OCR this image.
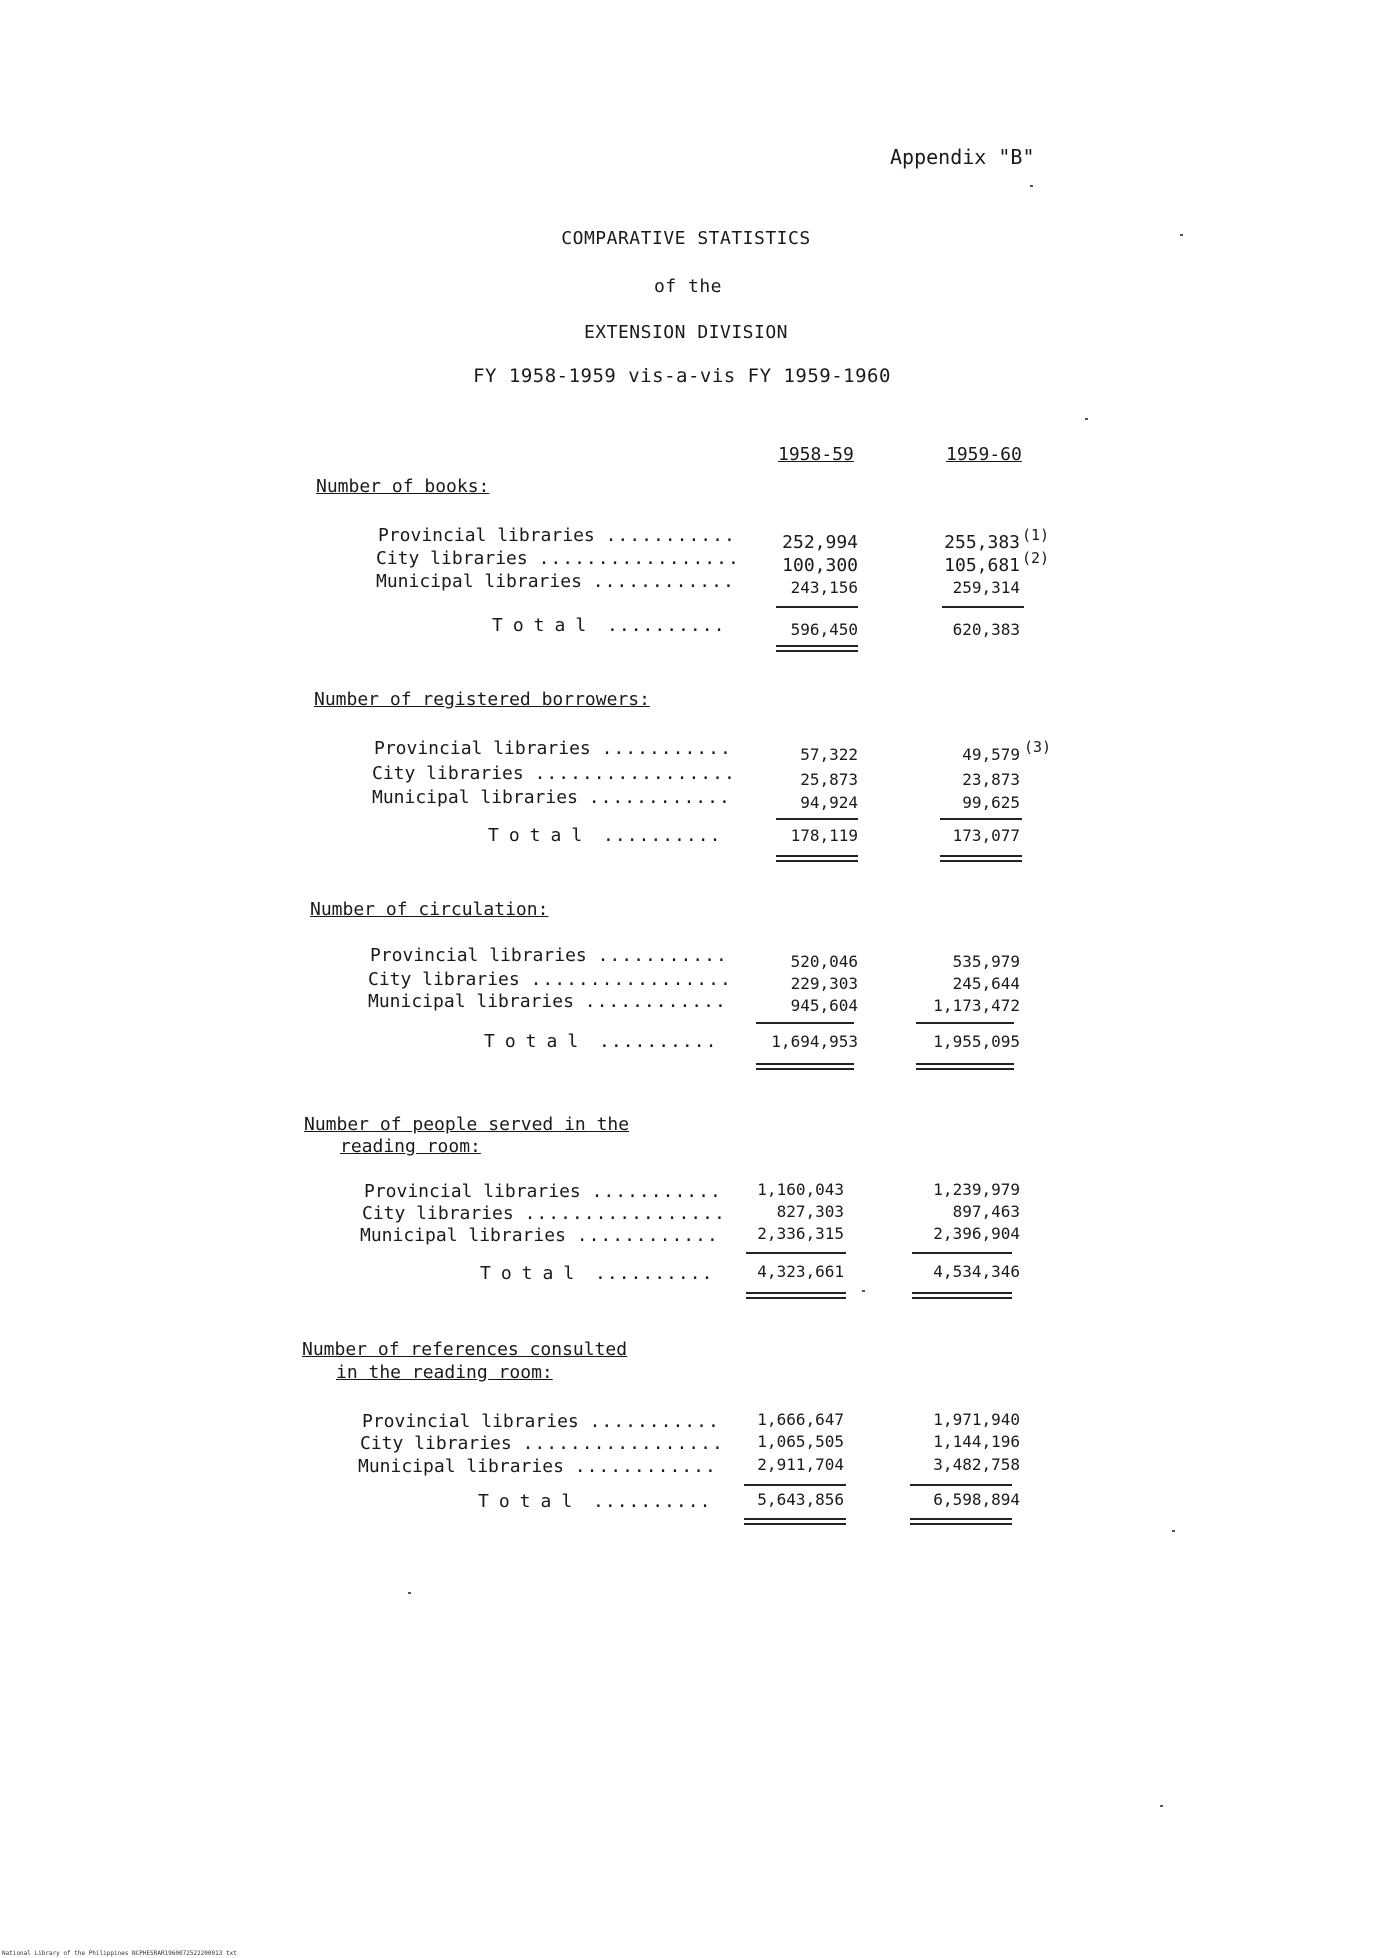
Appendix "B"
COMPARATIVE STATISTICS
of the
EXTENSION DIVISION
FY 1958-1959 vis-a-vis FY 1959-1960
1958-59	1959-60
Number of books:
Provincial libraries ...........	252,994	255,383 (1)
City libraries .................	100,300	105,681 (2)
Municipal libraries ............	243,156	259,314
Total ..........	596,450	620,383
Number of registered borrowers:
Provincial libraries ...........	57,322	49,579 (3)
City libraries .................	25,873	23,873
Municipal libraries ............	94,924	99,625
Total ..........	178,119	173,077
Number of circulation:
Provincial libraries ...........	520,046	535,979
City libraries .................	229,303	245,644
Municipal libraries ............	945,604	1,173,472
Total ..........	1,694,953	1,955,095
Number of people served in the
reading room:
Provincial libraries ...........	1,160,043	1,239,979
City libraries .................	827,303	897,463
Municipal libraries ............	2,336,315	2,396,904
Total ..........	4,323,661	4,534,346
Number of references consulted
in the reading room:
Provincial libraries ...........	1,666,647	1,971,940
City libraries .................	1,065,505	1,144,196
Municipal libraries ............	2,911,704	3,482,758
Total ..........	5,643,856	6,598,894
National Library of the Philippines NCPHESRAR1960072522200013 txt
